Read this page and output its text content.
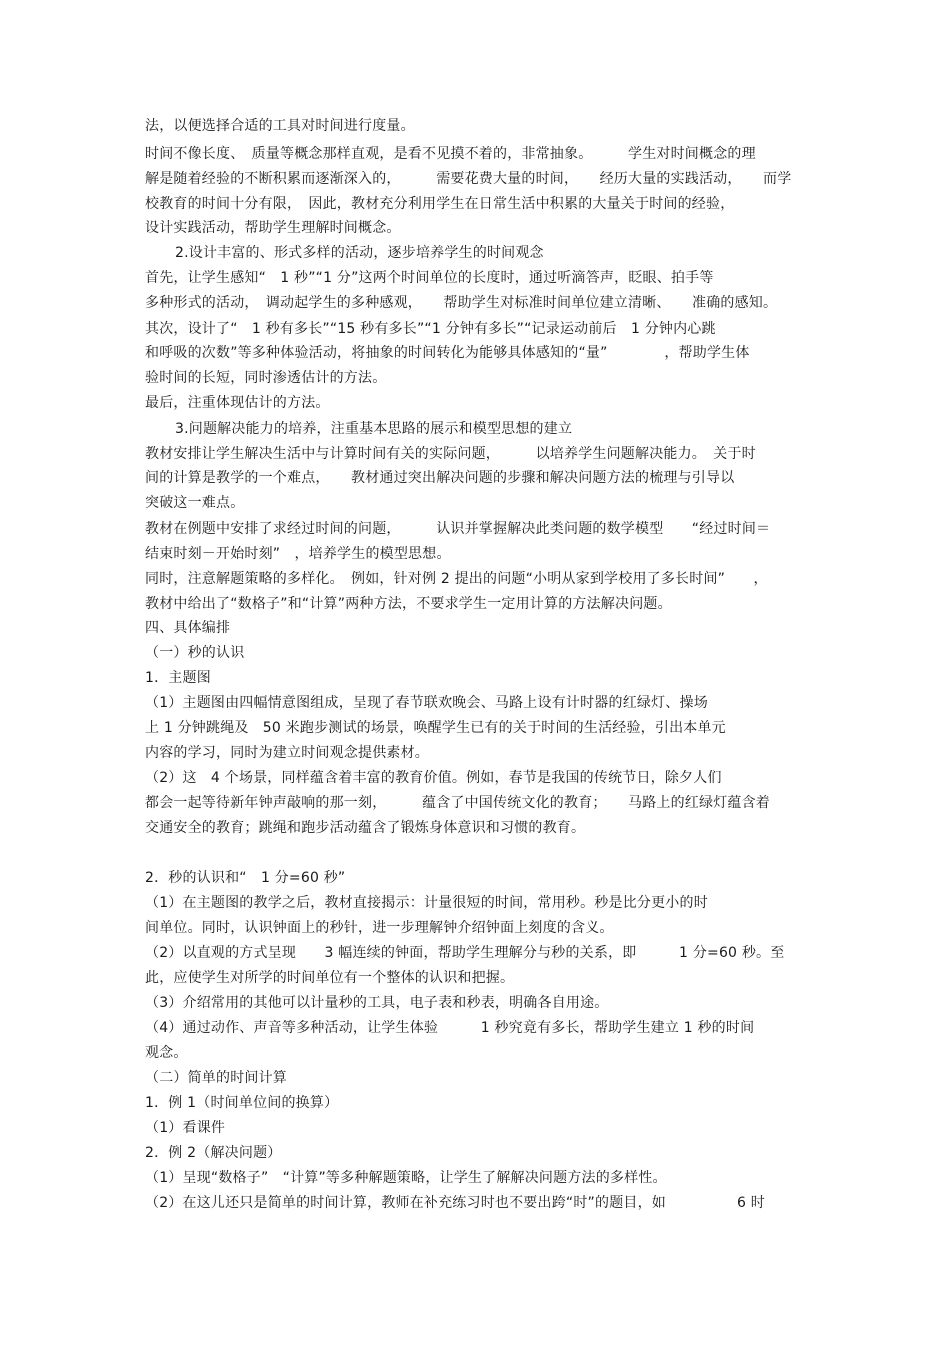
法，以便选择合适的工具对时间进行度量。
时间不像长度、　质量等概念那样直观，是看不见摸不着的，非常抽象。　　　学生对时间概念的理
解是随着经验的不断积累而逐渐深入的，　　　需要花费大量的时间，　　经历大量的实践活动，　　而学
校教育的时间十分有限，　因此，教材充分利用学生在日常生活中积累的大量关于时间的经验，
设计实践活动，帮助学生理解时间概念。
2.设计丰富的、形式多样的活动，逐步培养学生的时间观念
首先，让学生感知“　1 秒”“1 分”这两个时间单位的长度时，通过听滴答声，眨眼、拍手等
多种形式的活动，　调动起学生的多种感观，　　帮助学生对标准时间单位建立清晰、　　准确的感知。
其次，设计了“　1 秒有多长”“15 秒有多长”“1 分钟有多长”“记录运动前后　1 分钟内心跳
和呼吸的次数”等多种体验活动，将抽象的时间转化为能够具体感知的“量”　　　　，帮助学生体
验时间的长短，同时渗透估计的方法。
最后，注重体现估计的方法。
3.问题解决能力的培养，注重基本思路的展示和模型思想的建立
教材安排让学生解决生活中与计算时间有关的实际问题，　　　以培养学生问题解决能力。　关于时
间的计算是教学的一个难点，　　教材通过突出解决问题的步骤和解决问题方法的梳理与引导以
突破这一难点。
教材在例题中安排了求经过时间的问题，　　　认识并掌握解决此类问题的数学模型　　“经过时间＝
结束时刻－开始时刻”　，培养学生的模型思想。
同时，注意解题策略的多样化。　例如，针对例 2 提出的问题“小明从家到学校用了多长时间”　　，
教材中给出了“数格子”和“计算”两种方法，不要求学生一定用计算的方法解决问题。
四、具体编排
（一）秒的认识
1．主题图
（1）主题图由四幅情意图组成，呈现了春节联欢晚会、马路上设有计时器的红绿灯、操场
上 1 分钟跳绳及　50 米跑步测试的场景，唤醒学生已有的关于时间的生活经验，引出本单元
内容的学习，同时为建立时间观念提供素材。
（2）这　4 个场景，同样蕴含着丰富的教育价值。例如，春节是我国的传统节日，除夕人们
都会一起等待新年钟声敲响的那一刻，　　　蕴含了中国传统文化的教育；　　马路上的红绿灯蕴含着
交通安全的教育；跳绳和跑步活动蕴含了锻炼身体意识和习惯的教育。
2．秒的认识和“　1 分=60 秒”
（1）在主题图的教学之后，教材直接揭示：计量很短的时间，常用秒。秒是比分更小的时
间单位。同时，认识钟面上的秒针，进一步理解钟介绍钟面上刻度的含义。
（2）以直观的方式呈现　　3 幅连续的钟面，帮助学生理解分与秒的关系，即　　　1 分=60 秒。至
此，应使学生对所学的时间单位有一个整体的认识和把握。
（3）介绍常用的其他可以计量秒的工具，电子表和秒表，明确各自用途。
（4）通过动作、声音等多种活动，让学生体验　　　1 秒究竟有多长，帮助学生建立 1 秒的时间
观念。
（二）简单的时间计算
1．例 1（时间单位间的换算）
（1）看课件
2．例 2（解决问题）
（1）呈现“数格子”　“计算”等多种解题策略，让学生了解解决问题方法的多样性。
（2）在这儿还只是简单的时间计算，教师在补充练习时也不要出跨“时”的题目，如　　　　　6 时
